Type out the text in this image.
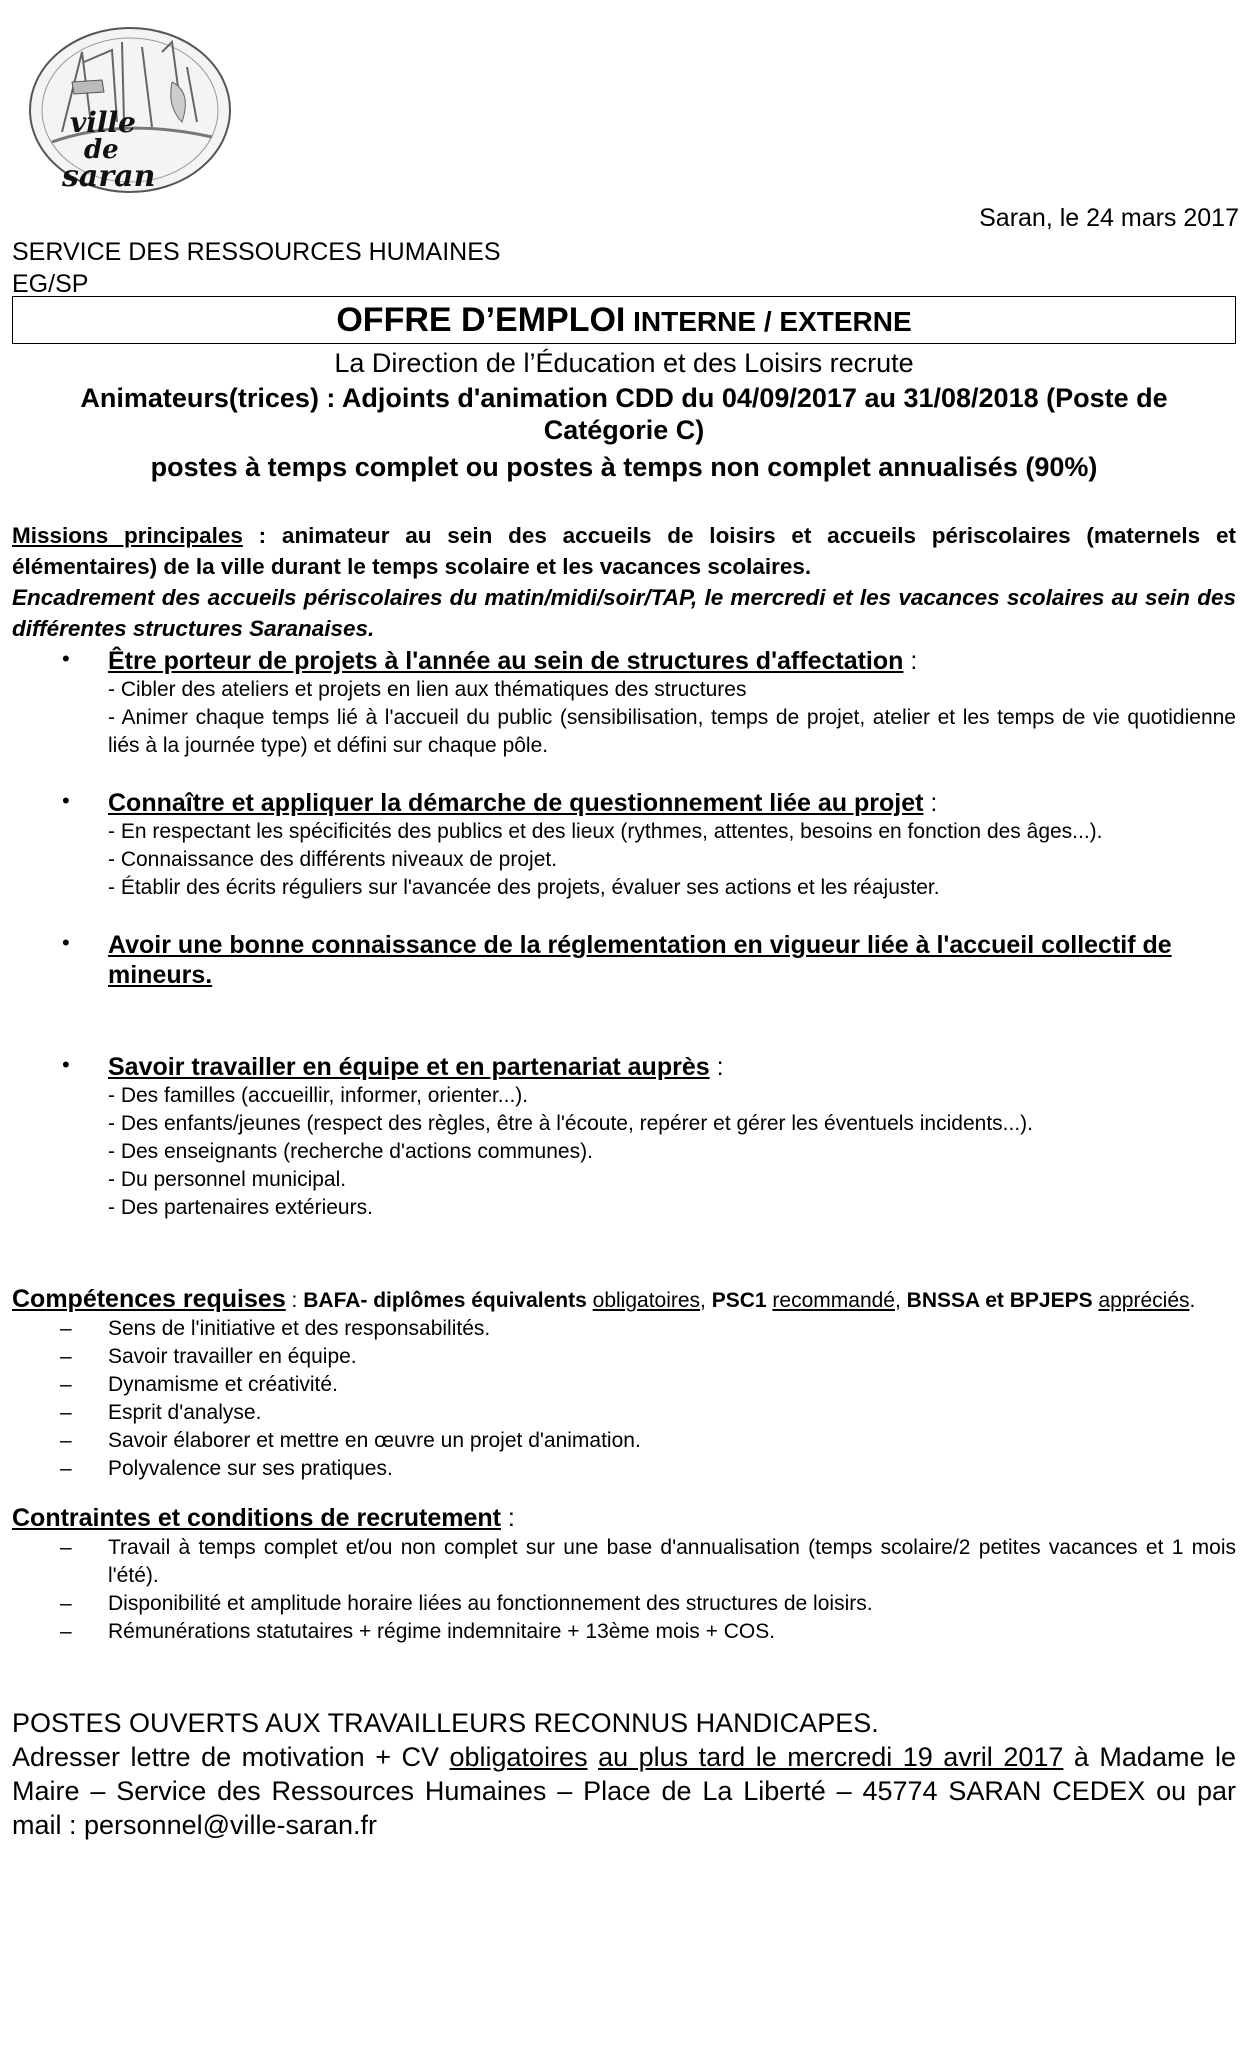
ville
de
saran
Saran, le 24 mars 2017
SERVICE DES RESSOURCES HUMAINES
EG/SP
OFFRE D’EMPLOI INTERNE / EXTERNE
La Direction de l’Éducation et des Loisirs recrute
Animateurs(trices) : Adjoints d'animation CDD du 04/09/2017 au 31/08/2018 (Poste de
Catégorie C)
postes à temps complet ou postes à temps non complet annualisés (90%)
Missions principales : animateur au sein des accueils de loisirs et accueils périscolaires (maternels et élémentaires) de la ville durant le temps scolaire et les vacances scolaires.
Encadrement des accueils périscolaires du matin/midi/soir/TAP, le mercredi et les vacances scolaires au sein des différentes structures Saranaises.
• Être porteur de projets à l'année au sein de structures d'affectation :
- Cibler des ateliers et projets en lien aux thématiques des structures
- Animer chaque temps lié à l'accueil du public (sensibilisation, temps de projet, atelier et les temps de vie quotidienne liés à la journée type) et défini sur chaque pôle.
• Connaître et appliquer la démarche de questionnement liée au projet :
- En respectant les spécificités des publics et des lieux (rythmes, attentes, besoins en fonction des âges...).
- Connaissance des différents niveaux de projet.
- Établir des écrits réguliers sur l'avancée des projets, évaluer ses actions et les réajuster.
• Avoir une bonne connaissance de la réglementation en vigueur liée à l'accueil collectif de mineurs.
• Savoir travailler en équipe et en partenariat auprès :
- Des familles (accueillir, informer, orienter...).
- Des enfants/jeunes (respect des règles, être à l'écoute, repérer et gérer les éventuels incidents...).
- Des enseignants (recherche d'actions communes).
- Du personnel municipal.
- Des partenaires extérieurs.
Compétences requises : BAFA- diplômes équivalents obligatoires, PSC1 recommandé, BNSSA et BPJEPS appréciés.
– Sens de l'initiative et des responsabilités.
– Savoir travailler en équipe.
– Dynamisme et créativité.
– Esprit d'analyse.
– Savoir élaborer et mettre en œuvre un projet d'animation.
– Polyvalence sur ses pratiques.
Contraintes et conditions de recrutement :
– Travail à temps complet et/ou non complet sur une base d'annualisation (temps scolaire/2 petites vacances et 1 mois l'été).
– Disponibilité et amplitude horaire liées au fonctionnement des structures de loisirs.
– Rémunérations statutaires + régime indemnitaire + 13ème mois + COS.
POSTES OUVERTS AUX TRAVAILLEURS RECONNUS HANDICAPES.
Adresser lettre de motivation + CV obligatoires au plus tard le mercredi 19 avril 2017 à Madame le Maire – Service des Ressources Humaines – Place de La Liberté – 45774 SARAN CEDEX ou par mail : personnel@ville-saran.fr
